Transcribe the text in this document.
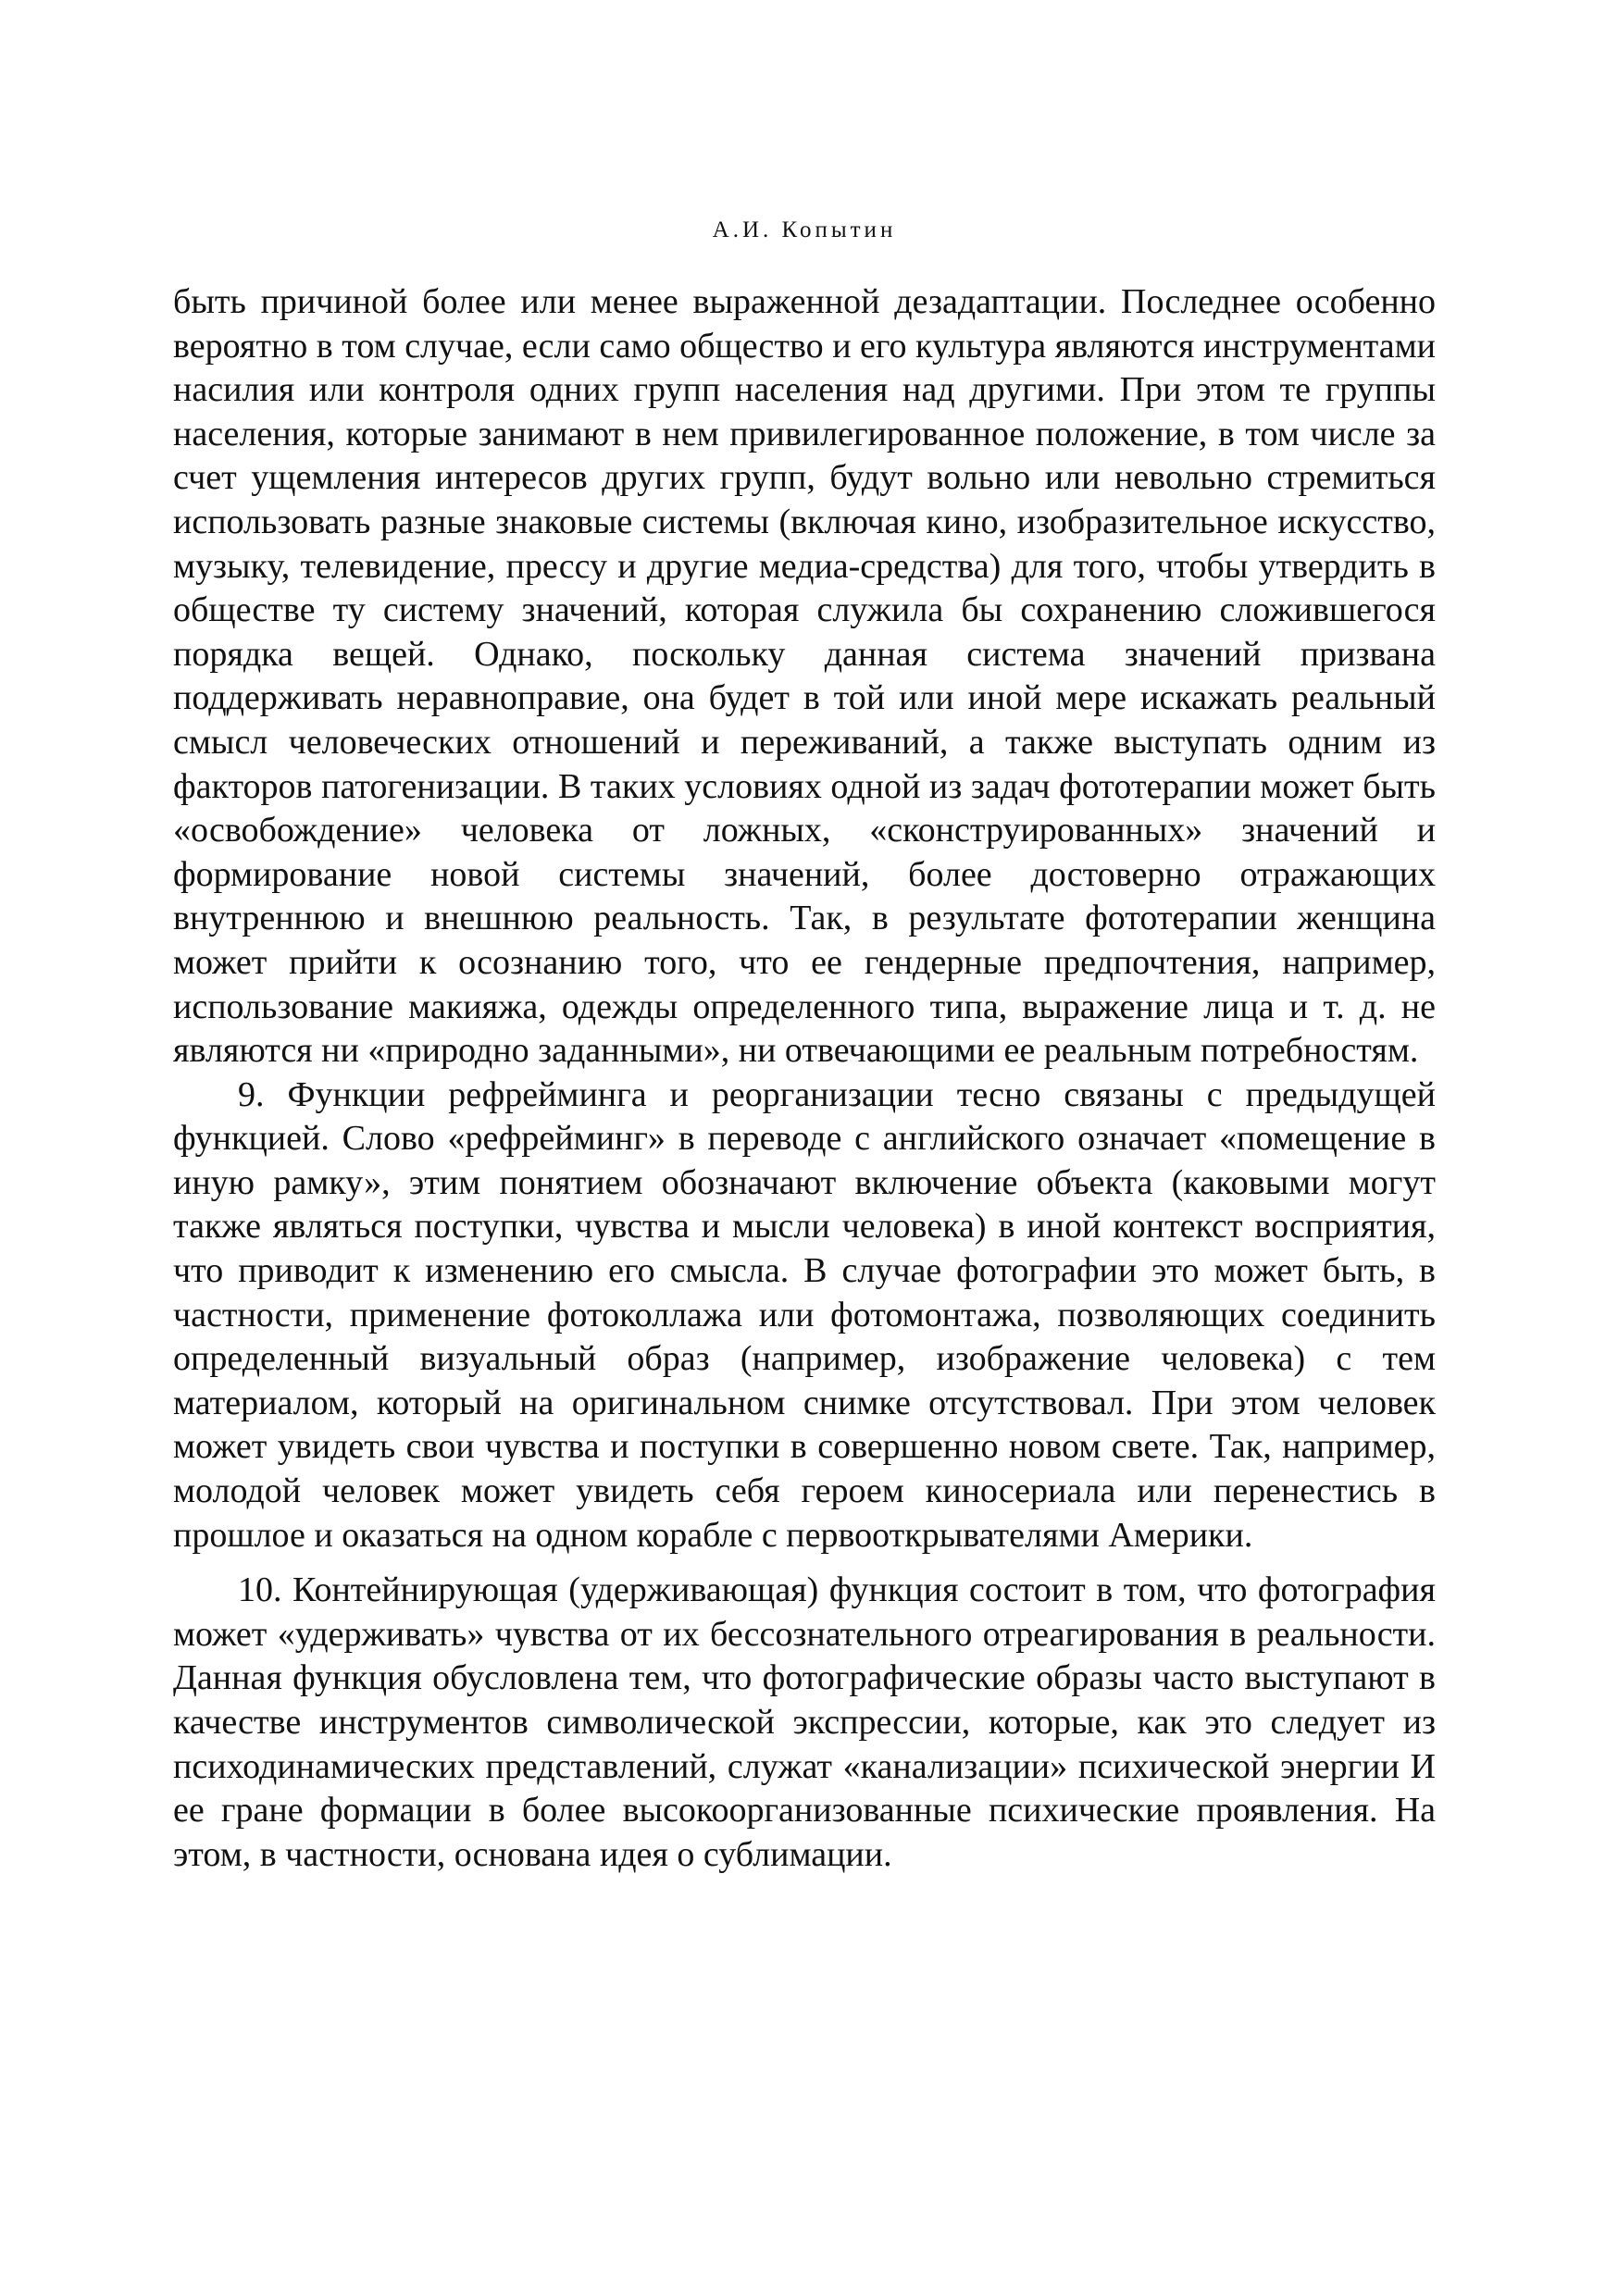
А.И. Копытин

быть причиной более или менее выраженной дезадаптации. Последнее особенно вероятно в том случае, если само общество и его культура являются инструментами насилия или контроля одних групп населения над другими. При этом те группы населения, которые занимают в нем привилегированное положение, в том числе за счет ущемления интересов других групп, будут вольно или невольно стремиться использовать разные знаковые системы (включая кино, изобразительное искусство, музыку, телевидение, прессу и другие медиа-средства) для того, чтобы утвердить в обществе ту систему значений, которая служила бы сохранению сложившегося порядка вещей. Однако, поскольку данная система значений призвана поддерживать неравноправие, она будет в той или иной мере искажать реальный смысл человеческих отношений и переживаний, а также выступать одним из факторов патогенизации. В таких условиях одной из задач фототерапии может быть «освобождение» человека от ложных, «сконструированных» значений и формирование новой системы значений, более достоверно отражающих внутреннюю и внешнюю реальность. Так, в результате фототерапии женщина может прийти к осознанию того, что ее гендерные предпочтения, например, использование макияжа, одежды определенного типа, выражение лица и т. д. не являются ни «природно заданными», ни отвечающими ее реальным потребностям.

9. Функции рефрейминга и реорганизации тесно связаны с предыдущей функцией. Слово «рефрейминг» в переводе с английского означает «помещение в иную рамку», этим понятием обозначают включение объекта (каковыми могут также являться поступки, чувства и мысли человека) в иной контекст восприятия, что приводит к изменению его смысла. В случае фотографии это может быть, в частности, применение фотоколлажа или фотомонтажа, позволяющих соединить определенный визуальный образ (например, изображение человека) с тем материалом, который на оригинальном снимке отсутствовал. При этом человек может увидеть свои чувства и поступки в совершенно новом свете. Так, например, молодой человек может увидеть себя героем киносериала или перенестись в прошлое и оказаться на одном корабле с первооткрывателями Америки.

10. Контейнирующая (удерживающая) функция состоит в том, что фотография может «удерживать» чувства от их бессознательного отреагирования в реальности. Данная функция обусловлена тем, что фотографические образы часто выступают в качестве инструментов символической экспрессии, которые, как это следует из психодинамических представлений, служат «канализации» психической энергии И ее гране формации в более высокоорганизованные психические проявления. На этом, в частности, основана идея о сублимации.
